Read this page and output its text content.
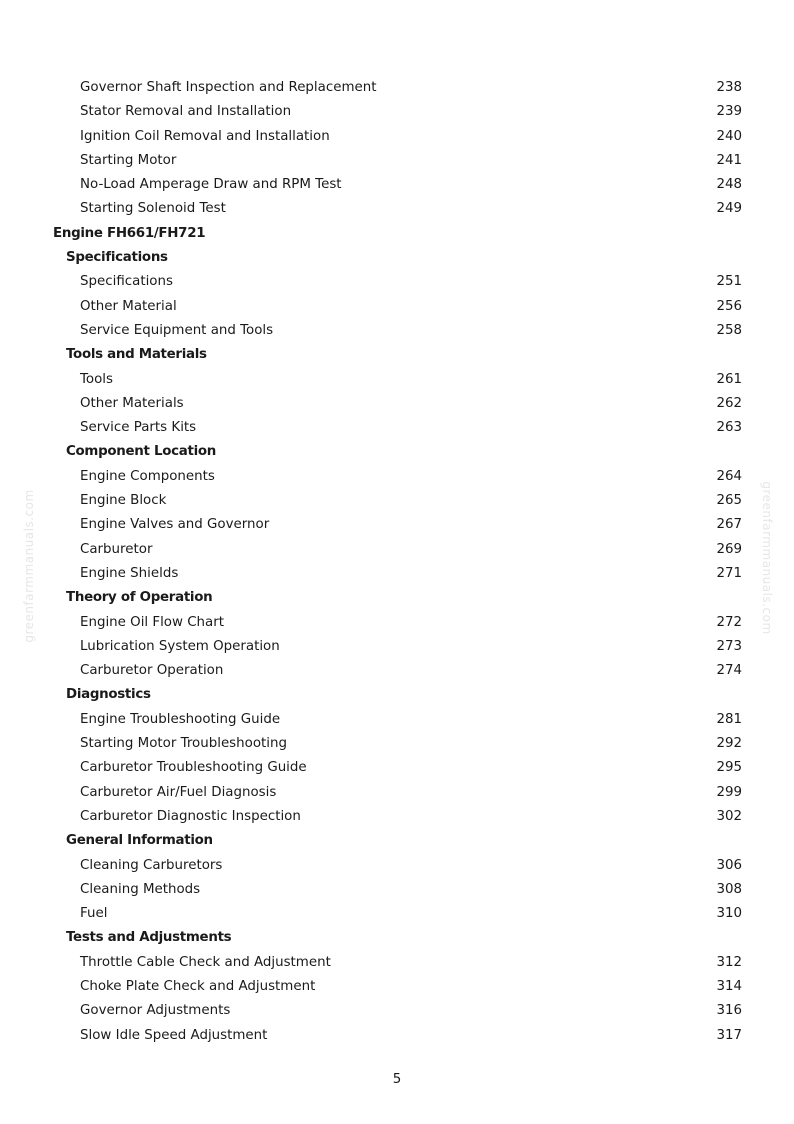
greenfarmmanuals.com	greenfarmmanuals.com
Governor Shaft Inspection and Replacement	238
Stator Removal and Installation	239
Ignition Coil Removal and Installation	240
Starting Motor	241
No-Load Amperage Draw and RPM Test	248
Starting Solenoid Test	249
Engine FH661/FH721
Specifications
Specifications	251
Other Material	256
Service Equipment and Tools	258
Tools and Materials
Tools	261
Other Materials	262
Service Parts Kits	263
Component Location
Engine Components	264
Engine Block	265
Engine Valves and Governor	267
Carburetor	269
Engine Shields	271
Theory of Operation
Engine Oil Flow Chart	272
Lubrication System Operation	273
Carburetor Operation	274
Diagnostics
Engine Troubleshooting Guide	281
Starting Motor Troubleshooting	292
Carburetor Troubleshooting Guide	295
Carburetor Air/Fuel Diagnosis	299
Carburetor Diagnostic Inspection	302
General Information
Cleaning Carburetors	306
Cleaning Methods	308
Fuel	310
Tests and Adjustments
Throttle Cable Check and Adjustment	312
Choke Plate Check and Adjustment	314
Governor Adjustments	316
Slow Idle Speed Adjustment	317
5
